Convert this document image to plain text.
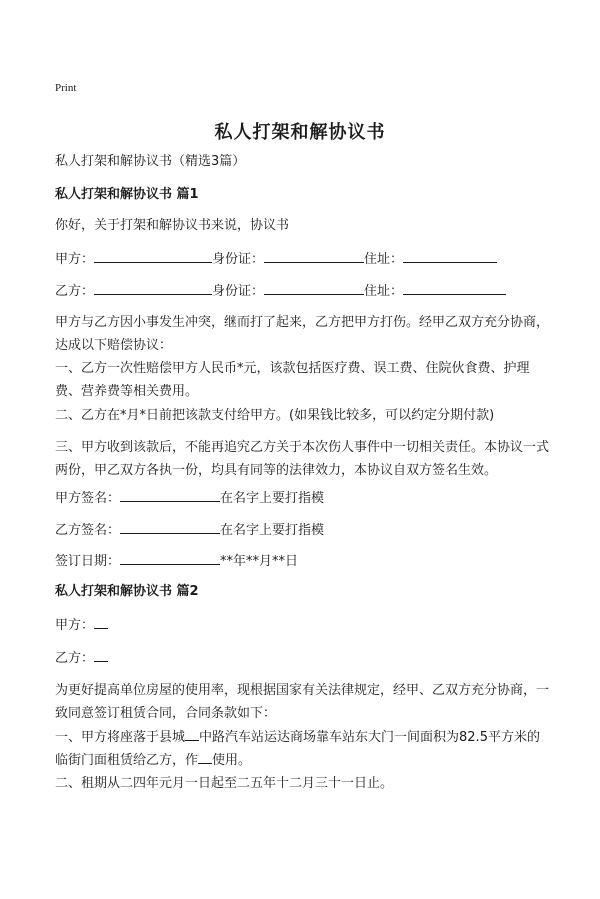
Print
私人打架和解协议书
私人打架和解协议书（精选3篇）
私人打架和解协议书 篇1
你好，关于打架和解协议书来说，协议书
甲方：	身份证：	住址：
乙方：	身份证：	住址：
甲方与乙方因小事发生冲突，继而打了起来，乙方把甲方打伤。经甲乙双方充分协商，达成以下赔偿协议：
一、乙方一次性赔偿甲方人民币*元，该款包括医疗费、误工费、住院伙食费、护理费、营养费等相关费用。
二、乙方在*月*日前把该款支付给甲方。(如果钱比较多，可以约定分期付款)
三、甲方收到该款后，不能再追究乙方关于本次伤人事件中一切相关责任。本协议一式两份，甲乙双方各执一份，均具有同等的法律效力，本协议自双方签名生效。
甲方签名：	在名字上要打指模
乙方签名：	在名字上要打指模
签订日期：	**年**月**日
私人打架和解协议书 篇2
甲方：
乙方：
为更好提高单位房屋的使用率，现根据国家有关法律规定，经甲、乙双方充分协商，一致同意签订租赁合同，合同条款如下：
一、甲方将座落于县城 中路汽车站运达商场靠车站东大门一间面积为82.5平方米的临街门面租赁给乙方，作 使用。
二、租期从二四年元月一日起至二五年十二月三十一日止。
